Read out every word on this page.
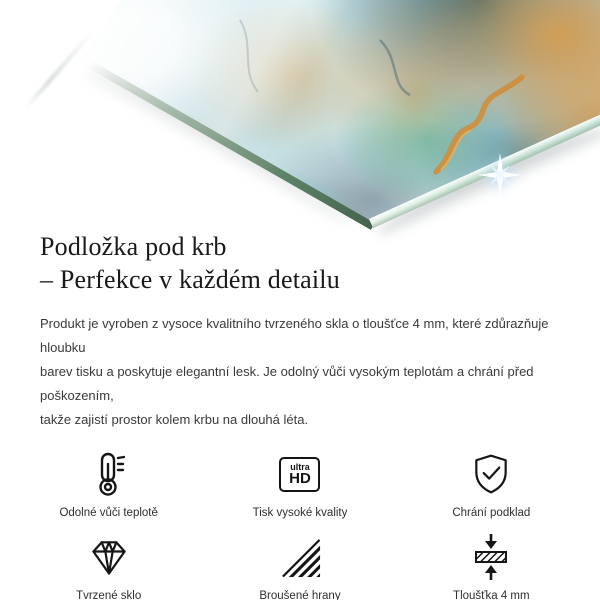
Podložka pod krb
– Perfekce v každém detailu
Produkt je vyroben z vysoce kvalitního tvrzeného skla o tloušťce 4 mm, které zdůrazňuje hloubku
barev tisku a poskytuje elegantní lesk. Je odolný vůči vysokým teplotám a chrání před poškozením,
takže zajistí prostor kolem krbu na dlouhá léta.
Odolné vůči teplotě
ultra
HD
Tisk vysoké kvality	Chrání podklad
Tvrzené sklo	Broušené hrany	Tloušťka 4 mm
